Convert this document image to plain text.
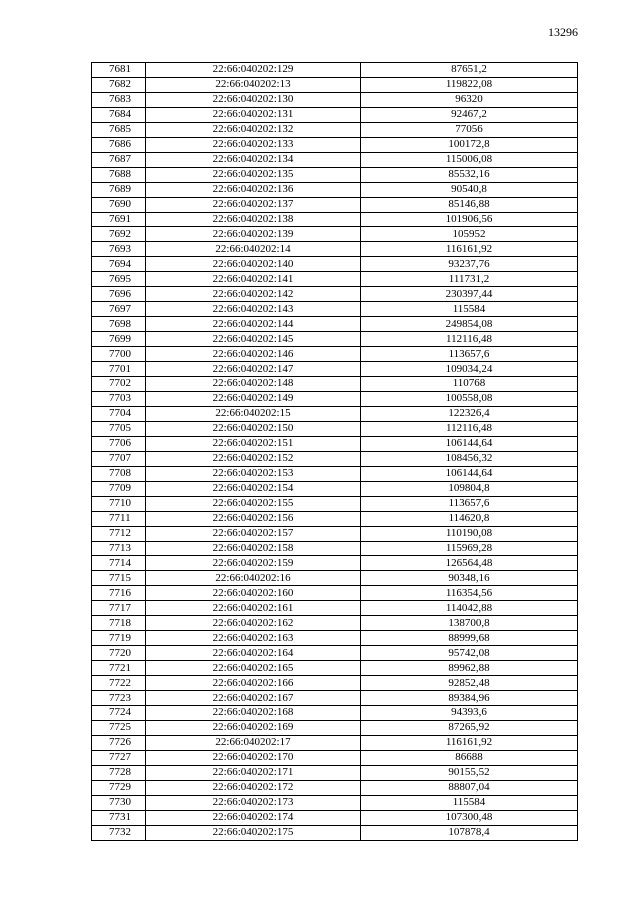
13296
7681	22:66:040202:129	87651,2
7682	22:66:040202:13	119822,08
7683	22:66:040202:130	96320
7684	22:66:040202:131	92467,2
7685	22:66:040202:132	77056
7686	22:66:040202:133	100172,8
7687	22:66:040202:134	115006,08
7688	22:66:040202:135	85532,16
7689	22:66:040202:136	90540,8
7690	22:66:040202:137	85146,88
7691	22:66:040202:138	101906,56
7692	22:66:040202:139	105952
7693	22:66:040202:14	116161,92
7694	22:66:040202:140	93237,76
7695	22:66:040202:141	111731,2
7696	22:66:040202:142	230397,44
7697	22:66:040202:143	115584
7698	22:66:040202:144	249854,08
7699	22:66:040202:145	112116,48
7700	22:66:040202:146	113657,6
7701	22:66:040202:147	109034,24
7702	22:66:040202:148	110768
7703	22:66:040202:149	100558,08
7704	22:66:040202:15	122326,4
7705	22:66:040202:150	112116,48
7706	22:66:040202:151	106144,64
7707	22:66:040202:152	108456,32
7708	22:66:040202:153	106144,64
7709	22:66:040202:154	109804,8
7710	22:66:040202:155	113657,6
7711	22:66:040202:156	114620,8
7712	22:66:040202:157	110190,08
7713	22:66:040202:158	115969,28
7714	22:66:040202:159	126564,48
7715	22:66:040202:16	90348,16
7716	22:66:040202:160	116354,56
7717	22:66:040202:161	114042,88
7718	22:66:040202:162	138700,8
7719	22:66:040202:163	88999,68
7720	22:66:040202:164	95742,08
7721	22:66:040202:165	89962,88
7722	22:66:040202:166	92852,48
7723	22:66:040202:167	89384,96
7724	22:66:040202:168	94393,6
7725	22:66:040202:169	87265,92
7726	22:66:040202:17	116161,92
7727	22:66:040202:170	86688
7728	22:66:040202:171	90155,52
7729	22:66:040202:172	88807,04
7730	22:66:040202:173	115584
7731	22:66:040202:174	107300,48
7732	22:66:040202:175	107878,4
